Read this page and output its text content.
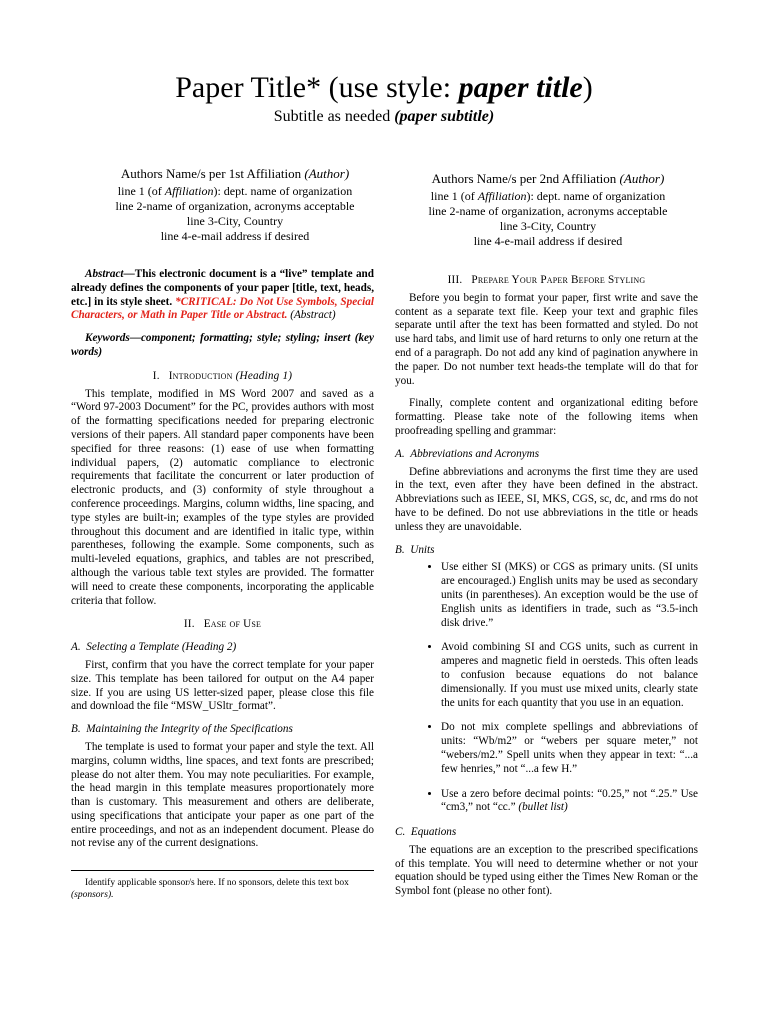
Paper Title* (use style: paper title)
Subtitle as needed (paper subtitle)
Authors Name/s per 1st Affiliation (Author)
line 1 (of Affiliation): dept. name of organization
line 2-name of organization, acronyms acceptable
line 3-City, Country
line 4-e-mail address if desired
Authors Name/s per 2nd Affiliation (Author)
line 1 (of Affiliation): dept. name of organization
line 2-name of organization, acronyms acceptable
line 3-City, Country
line 4-e-mail address if desired

Abstract—This electronic document is a “live” template and already defines the components of your paper [title, text, heads, etc.] in its style sheet. *CRITICAL: Do Not Use Symbols, Special Characters, or Math in Paper Title or Abstract. (Abstract)

Keywords—component; formatting; style; styling; insert (key words)

I. Introduction (Heading 1)

This template, modified in MS Word 2007 and saved as a “Word 97-2003 Document” for the PC, provides authors with most of the formatting specifications needed for preparing electronic versions of their papers. All standard paper components have been specified for three reasons: (1) ease of use when formatting individual papers, (2) automatic compliance to electronic requirements that facilitate the concurrent or later production of electronic products, and (3) conformity of style throughout a conference proceedings. Margins, column widths, line spacing, and type styles are built-in; examples of the type styles are provided throughout this document and are identified in italic type, within parentheses, following the example. Some components, such as multi-leveled equations, graphics, and tables are not prescribed, although the various table text styles are provided. The formatter will need to create these components, incorporating the applicable criteria that follow.

II. Ease of Use

A. Selecting a Template (Heading 2)

First, confirm that you have the correct template for your paper size. This template has been tailored for output on the A4 paper size. If you are using US letter-sized paper, please close this file and download the file “MSW_USltr_format”.

B. Maintaining the Integrity of the Specifications

The template is used to format your paper and style the text. All margins, column widths, line spaces, and text fonts are prescribed; please do not alter them. You may note peculiarities. For example, the head margin in this template measures proportionately more than is customary. This measurement and others are deliberate, using specifications that anticipate your paper as one part of the entire proceedings, and not as an independent document. Please do not revise any of the current designations.

Identify applicable sponsor/s here. If no sponsors, delete this text box (sponsors).

III. Prepare Your Paper Before Styling

Before you begin to format your paper, first write and save the content as a separate text file. Keep your text and graphic files separate until after the text has been formatted and styled. Do not use hard tabs, and limit use of hard returns to only one return at the end of a paragraph. Do not add any kind of pagination anywhere in the paper. Do not number text heads-the template will do that for you.

Finally, complete content and organizational editing before formatting. Please take note of the following items when proofreading spelling and grammar:

A. Abbreviations and Acronyms

Define abbreviations and acronyms the first time they are used in the text, even after they have been defined in the abstract. Abbreviations such as IEEE, SI, MKS, CGS, sc, dc, and rms do not have to be defined. Do not use abbreviations in the title or heads unless they are unavoidable.

B. Units

• Use either SI (MKS) or CGS as primary units. (SI units are encouraged.) English units may be used as secondary units (in parentheses). An exception would be the use of English units as identifiers in trade, such as “3.5-inch disk drive.”
• Avoid combining SI and CGS units, such as current in amperes and magnetic field in oersteds. This often leads to confusion because equations do not balance dimensionally. If you must use mixed units, clearly state the units for each quantity that you use in an equation.
• Do not mix complete spellings and abbreviations of units: “Wb/m2” or “webers per square meter,” not “webers/m2.” Spell units when they appear in text: “...a few henries,” not “...a few H.”
• Use a zero before decimal points: “0.25,” not “.25.” Use “cm3,” not “cc.” (bullet list)

C. Equations

The equations are an exception to the prescribed specifications of this template. You will need to determine whether or not your equation should be typed using either the Times New Roman or the Symbol font (please no other font).
